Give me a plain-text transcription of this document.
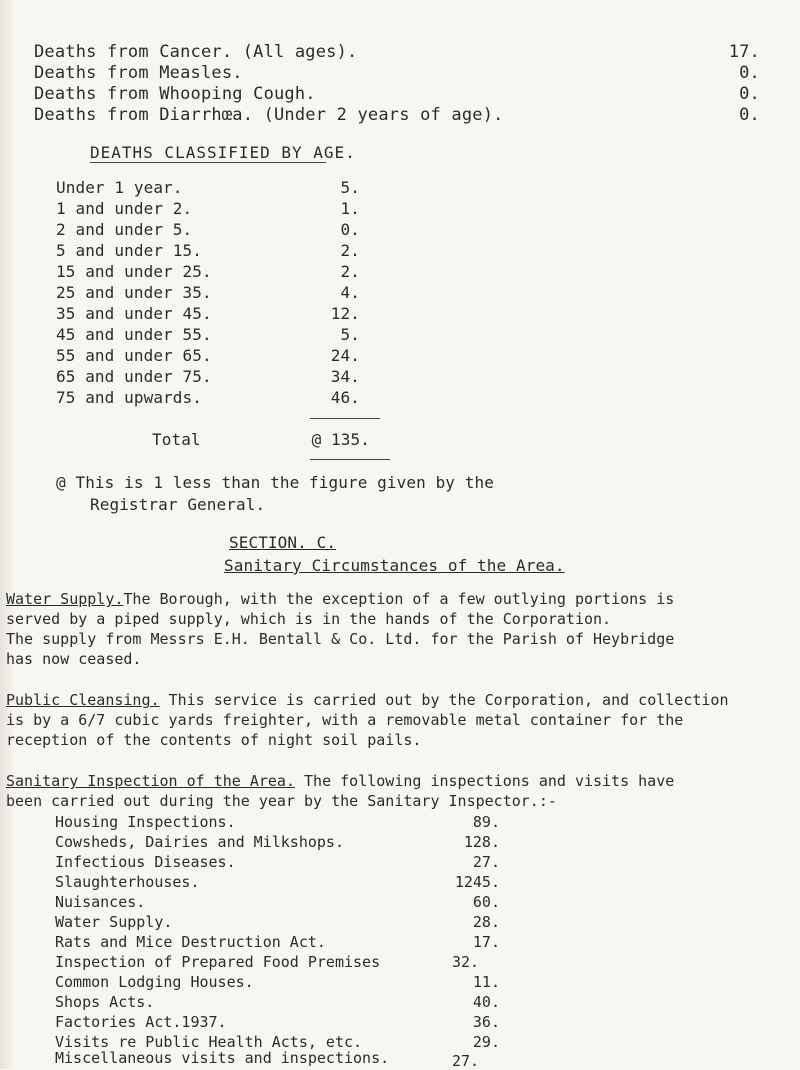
Deaths from Cancer. (All ages).	17.
Deaths from Measles.	0.
Deaths from Whooping Cough.	0.
Deaths from Diarrhœa. (Under 2 years of age).	0.
DEATHS CLASSIFIED BY AGE.
Under 1 year.	5.
1 and under 2.	1.
2 and under 5.	0.
5 and under 15.	2.
15 and under 25.	2.
25 and under 35.	4.
35 and under 45.	12.
45 and under 55.	5.
55 and under 65.	24.
65 and under 75.	34.
75 and upwards.	46.
Total	@ 135.
@ This is 1 less than the figure given by the
Registrar General.
SECTION. C.
Sanitary Circumstances of the Area.
Water Supply.The Borough, with the exception of a few outlying portions is
served by a piped supply, which is in the hands of the Corporation.
The supply from Messrs E.H. Bentall & Co. Ltd. for the Parish of Heybridge
has now ceased.
Public Cleansing. This service is carried out by the Corporation, and collection
is by a 6/7 cubic yards freighter, with a removable metal container for the
reception of the contents of night soil pails.
Sanitary Inspection of the Area. The following inspections and visits have
been carried out during the year by the Sanitary Inspector.:-
Housing Inspections.	89.
Cowsheds, Dairies and Milkshops.	128.
Infectious Diseases.	27.
Slaughterhouses.	1245.
Nuisances.	60.
Water Supply.	28.
Rats and Mice Destruction Act.	17.
Inspection of Prepared Food Premises	32.
Common Lodging Houses.	11.
Shops Acts.	40.
Factories Act.1937.	36.
Visits re Public Health Acts, etc.	29.
Miscellaneous visits and inspections.	27.
